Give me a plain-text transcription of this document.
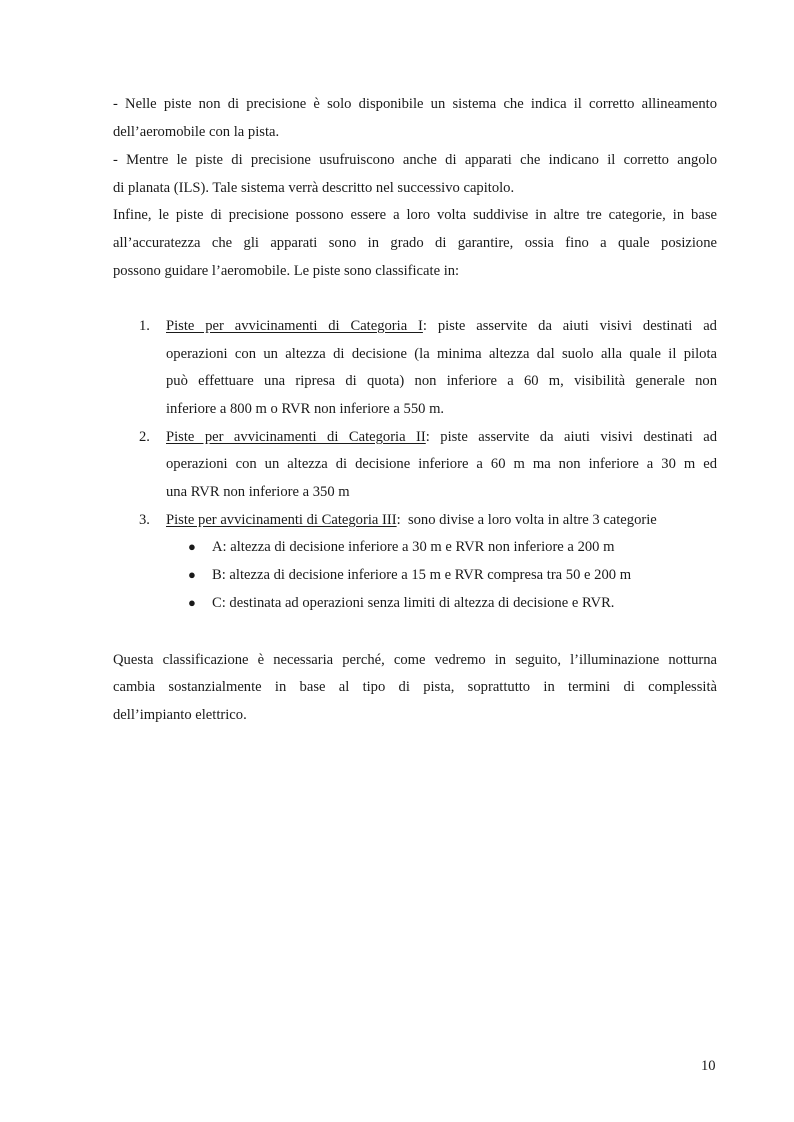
- Nelle piste non di precisione è solo disponibile un sistema che indica il corretto allineamento
dell’aeromobile con la pista.
- Mentre le piste di precisione usufruiscono anche di apparati che indicano il corretto angolo
di planata (ILS). Tale sistema verrà descritto nel successivo capitolo.
Infine, le piste di precisione possono essere a loro volta suddivise in altre tre categorie, in base
all’accuratezza che gli apparati sono in grado di garantire, ossia fino a quale posizione
possono guidare l’aeromobile. Le piste sono classificate in:
1. Piste per avvicinamenti di Categoria I: piste asservite da aiuti visivi destinati ad
operazioni con un altezza di decisione (la minima altezza dal suolo alla quale il pilota
può effettuare una ripresa di quota) non inferiore a 60 m, visibilità generale non
inferiore a 800 m o RVR non inferiore a 550 m.
2. Piste per avvicinamenti di Categoria II: piste asservite da aiuti visivi destinati ad
operazioni con un altezza di decisione inferiore a 60 m ma non inferiore a 30 m ed
una RVR non inferiore a 350 m
3. Piste per avvicinamenti di Categoria III:  sono divise a loro volta in altre 3 categorie
● A: altezza di decisione inferiore a 30 m e RVR non inferiore a 200 m
● B: altezza di decisione inferiore a 15 m e RVR compresa tra 50 e 200 m
● C: destinata ad operazioni senza limiti di altezza di decisione e RVR.
Questa classificazione è necessaria perché, come vedremo in seguito, l’illuminazione notturna
cambia sostanzialmente in base al tipo di pista, soprattutto in termini di complessità
dell’impianto elettrico.
10
